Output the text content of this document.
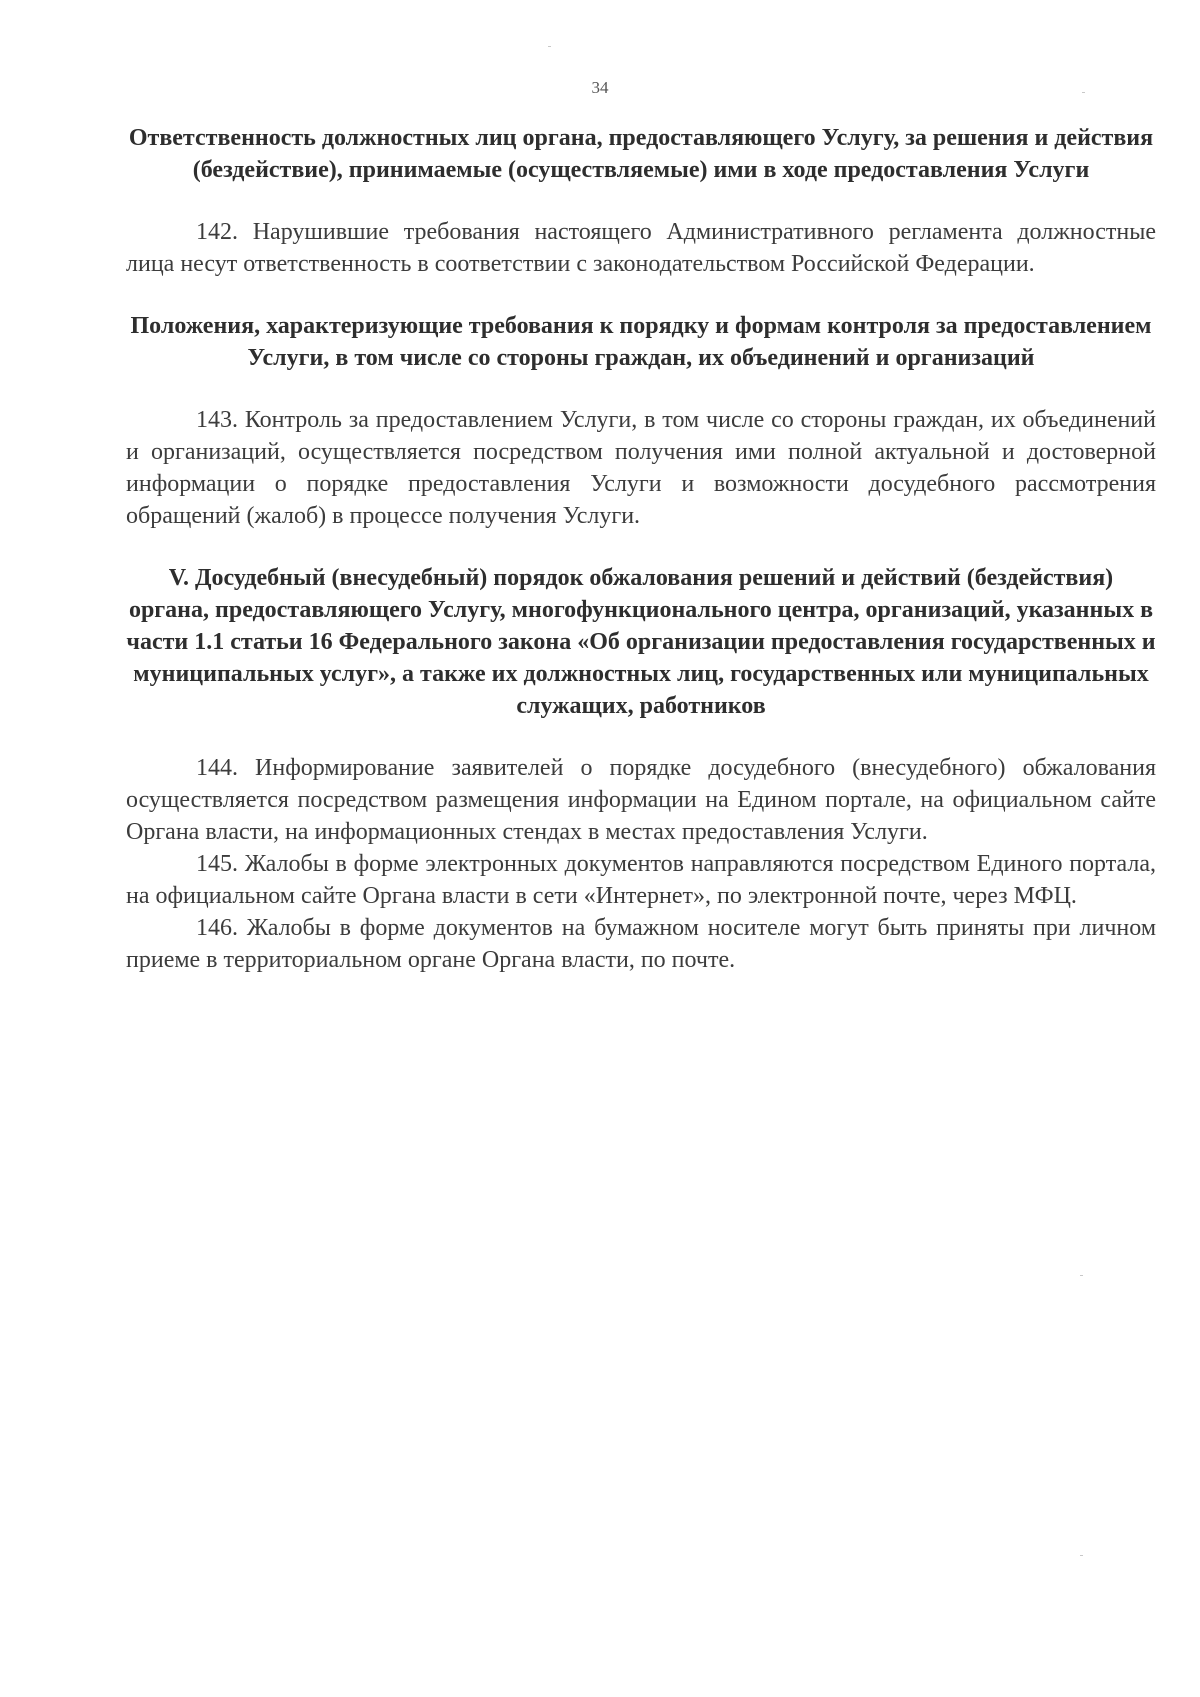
34

Ответственность должностных лиц органа, предоставляющего Услугу, за решения и действия (бездействие), принимаемые (осуществляемые) ими в ходе предоставления Услуги

142. Нарушившие требования настоящего Административного регламента должностные лица несут ответственность в соответствии с законодательством Российской Федерации.

Положения, характеризующие требования к порядку и формам контроля за предоставлением Услуги, в том числе со стороны граждан, их объединений и организаций

143. Контроль за предоставлением Услуги, в том числе со стороны граждан, их объединений и организаций, осуществляется посредством получения ими полной актуальной и достоверной информации о порядке предоставления Услуги и возможности досудебного рассмотрения обращений (жалоб) в процессе получения Услуги.

V. Досудебный (внесудебный) порядок обжалования решений и действий (бездействия) органа, предоставляющего Услугу, многофункционального центра, организаций, указанных в части 1.1 статьи 16 Федерального закона «Об организации предоставления государственных и муниципальных услуг», а также их должностных лиц, государственных или муниципальных служащих, работников

144. Информирование заявителей о порядке досудебного (внесудебного) обжалования осуществляется посредством размещения информации на Едином портале, на официальном сайте Органа власти, на информационных стендах в местах предоставления Услуги.

145. Жалобы в форме электронных документов направляются посредством Единого портала, на официальном сайте Органа власти в сети «Интернет», по электронной почте, через МФЦ.

146. Жалобы в форме документов на бумажном носителе могут быть приняты при личном приеме в территориальном органе Органа власти, по почте.
